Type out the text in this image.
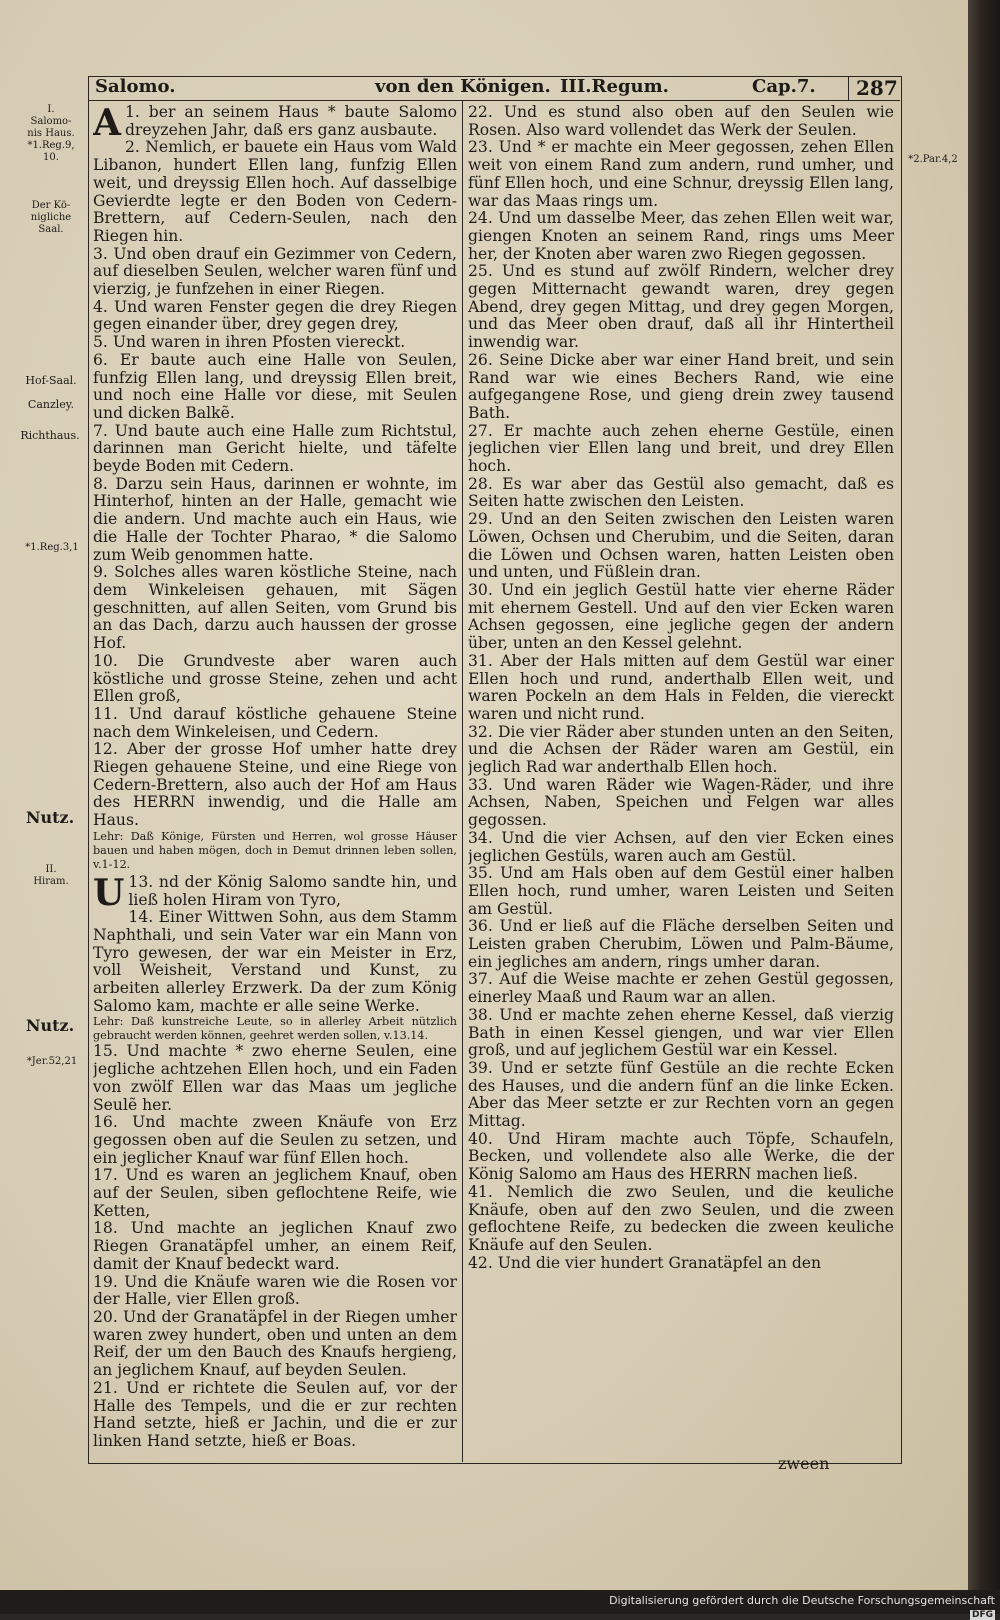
Salomo.	von den Königen. III.Regum.	Cap.7. 287
I.
Salomo-
nis Haus.
*1.Reg.9,
10.
Der Kö-
nigliche Saal.
Hof-Saal.
Canzley.
Richthaus.
*1.Reg.3,1
Nutz.
II.
Hiram.
Nutz.
*Jer.52,21
*2.Par.4,2

A 1. ber an seinem Haus * baute Salomo dreyzehen Jahr, daß ers ganz ausbaute.

2. Nemlich, er bauete ein Haus vom Wald Libanon, hundert Ellen lang, funfzig Ellen weit, und dreyssig Ellen hoch. Auf dasselbige Gevierdte legte er den Boden von Cedern-Brettern, auf Cedern-Seulen, nach den Riegen hin.

3. Und oben drauf ein Gezimmer von Cedern, auf dieselben Seulen, welcher waren fünf und vierzig, je funfzehen in einer Riegen.

4. Und waren Fenster gegen die drey Riegen gegen einander über, drey gegen drey,

5. Und waren in ihren Pfosten viereckt.

6. Er baute auch eine Halle von Seulen, funfzig Ellen lang, und dreyssig Ellen breit, und noch eine Halle vor diese, mit Seulen und dicken Balkẽ.

7. Und baute auch eine Halle zum Richtstul, darinnen man Gericht hielte, und täfelte beyde Boden mit Cedern.

8. Darzu sein Haus, darinnen er wohnte, im Hinterhof, hinten an der Halle, gemacht wie die andern. Und machte auch ein Haus, wie die Halle der Tochter Pharao, * die Salomo zum Weib genommen hatte.

9. Solches alles waren köstliche Steine, nach dem Winkeleisen gehauen, mit Sägen geschnitten, auf allen Seiten, vom Grund bis an das Dach, darzu auch haussen der grosse Hof.

10. Die Grundveste aber waren auch köstliche und grosse Steine, zehen und acht Ellen groß,

11. Und darauf köstliche gehauene Steine nach dem Winkeleisen, und Cedern.

12. Aber der grosse Hof umher hatte drey Riegen gehauene Steine, und eine Riege von Cedern-Brettern, also auch der Hof am Haus des HERRN inwendig, und die Halle am Haus.

Lehr: Daß Könige, Fürsten und Herren, wol grosse Häuser bauen und haben mögen, doch in Demut drinnen leben sollen, v.1-12.

U 13. nd der König Salomo sandte hin, und ließ holen Hiram von Tyro,

14. Einer Wittwen Sohn, aus dem Stamm Naphthali, und sein Vater war ein Mann von Tyro gewesen, der war ein Meister in Erz, voll Weisheit, Verstand und Kunst, zu arbeiten allerley Erzwerk. Da der zum König Salomo kam, machte er alle seine Werke.

Lehr: Daß kunstreiche Leute, so in allerley Arbeit nützlich gebraucht werden können, geehret werden sollen, v.13.14.

15. Und machte * zwo eherne Seulen, eine jegliche achtzehen Ellen hoch, und ein Faden von zwölf Ellen war das Maas um jegliche Seulẽ her.

16. Und machte zween Knäufe von Erz gegossen oben auf die Seulen zu setzen, und ein jeglicher Knauf war fünf Ellen hoch.

17. Und es waren an jeglichem Knauf, oben auf der Seulen, siben geflochtene Reife, wie Ketten,

18. Und machte an jeglichen Knauf zwo Riegen Granatäpfel umher, an einem Reif, damit der Knauf bedeckt ward.

19. Und die Knäufe waren wie die Rosen vor der Halle, vier Ellen groß.

20. Und der Granatäpfel in der Riegen umher waren zwey hundert, oben und unten an dem Reif, der um den Bauch des Knaufs hergieng, an jeglichem Knauf, auf beyden Seulen.

21. Und er richtete die Seulen auf, vor der Halle des Tempels, und die er zur rechten Hand setzte, hieß er Jachin, und die er zur linken Hand setzte, hieß er Boas.

22. Und es stund also oben auf den Seulen wie Rosen. Also ward vollendet das Werk der Seulen.

23. Und * er machte ein Meer gegossen, zehen Ellen weit von einem Rand zum andern, rund umher, und fünf Ellen hoch, und eine Schnur, dreyssig Ellen lang, war das Maas rings um.

24. Und um dasselbe Meer, das zehen Ellen weit war, giengen Knoten an seinem Rand, rings ums Meer her, der Knoten aber waren zwo Riegen gegossen.

25. Und es stund auf zwölf Rindern, welcher drey gegen Mitternacht gewandt waren, drey gegen Abend, drey gegen Mittag, und drey gegen Morgen, und das Meer oben drauf, daß all ihr Hintertheil inwendig war.

26. Seine Dicke aber war einer Hand breit, und sein Rand war wie eines Bechers Rand, wie eine aufgegangene Rose, und gieng drein zwey tausend Bath.

27. Er machte auch zehen eherne Gestüle, einen jeglichen vier Ellen lang und breit, und drey Ellen hoch.

28. Es war aber das Gestül also gemacht, daß es Seiten hatte zwischen den Leisten.

29. Und an den Seiten zwischen den Leisten waren Löwen, Ochsen und Cherubim, und die Seiten, daran die Löwen und Ochsen waren, hatten Leisten oben und unten, und Füßlein dran.

30. Und ein jeglich Gestül hatte vier eherne Räder mit ehernem Gestell. Und auf den vier Ecken waren Achsen gegossen, eine jegliche gegen der andern über, unten an den Kessel gelehnt.

31. Aber der Hals mitten auf dem Gestül war einer Ellen hoch und rund, anderthalb Ellen weit, und waren Pockeln an dem Hals in Felden, die viereckt waren und nicht rund.

32. Die vier Räder aber stunden unten an den Seiten, und die Achsen der Räder waren am Gestül, ein jeglich Rad war anderthalb Ellen hoch.

33. Und waren Räder wie Wagen-Räder, und ihre Achsen, Naben, Speichen und Felgen war alles gegossen.

34. Und die vier Achsen, auf den vier Ecken eines jeglichen Gestüls, waren auch am Gestül.

35. Und am Hals oben auf dem Gestül einer halben Ellen hoch, rund umher, waren Leisten und Seiten am Gestül.

36. Und er ließ auf die Fläche derselben Seiten und Leisten graben Cherubim, Löwen und Palm-Bäume, ein jegliches am andern, rings umher daran.

37. Auf die Weise machte er zehen Gestül gegossen, einerley Maaß und Raum war an allen.

38. Und er machte zehen eherne Kessel, daß vierzig Bath in einen Kessel giengen, und war vier Ellen groß, und auf jeglichem Gestül war ein Kessel.

39. Und er setzte fünf Gestüle an die rechte Ecken des Hauses, und die andern fünf an die linke Ecken. Aber das Meer setzte er zur Rechten vorn an gegen Mittag.

40. Und Hiram machte auch Töpfe, Schaufeln, Becken, und vollendete also alle Werke, die der König Salomo am Haus des HERRN machen ließ.

41. Nemlich die zwo Seulen, und die keuliche Knäufe, oben auf den zwo Seulen, und die zween geflochtene Reife, zu bedecken die zween keuliche Knäufe auf den Seulen.

42. Und die vier hundert Granatäpfel an den

zween
Digitalisierung gefördert durch die Deutsche ForschungsgemeinschaftDFG
